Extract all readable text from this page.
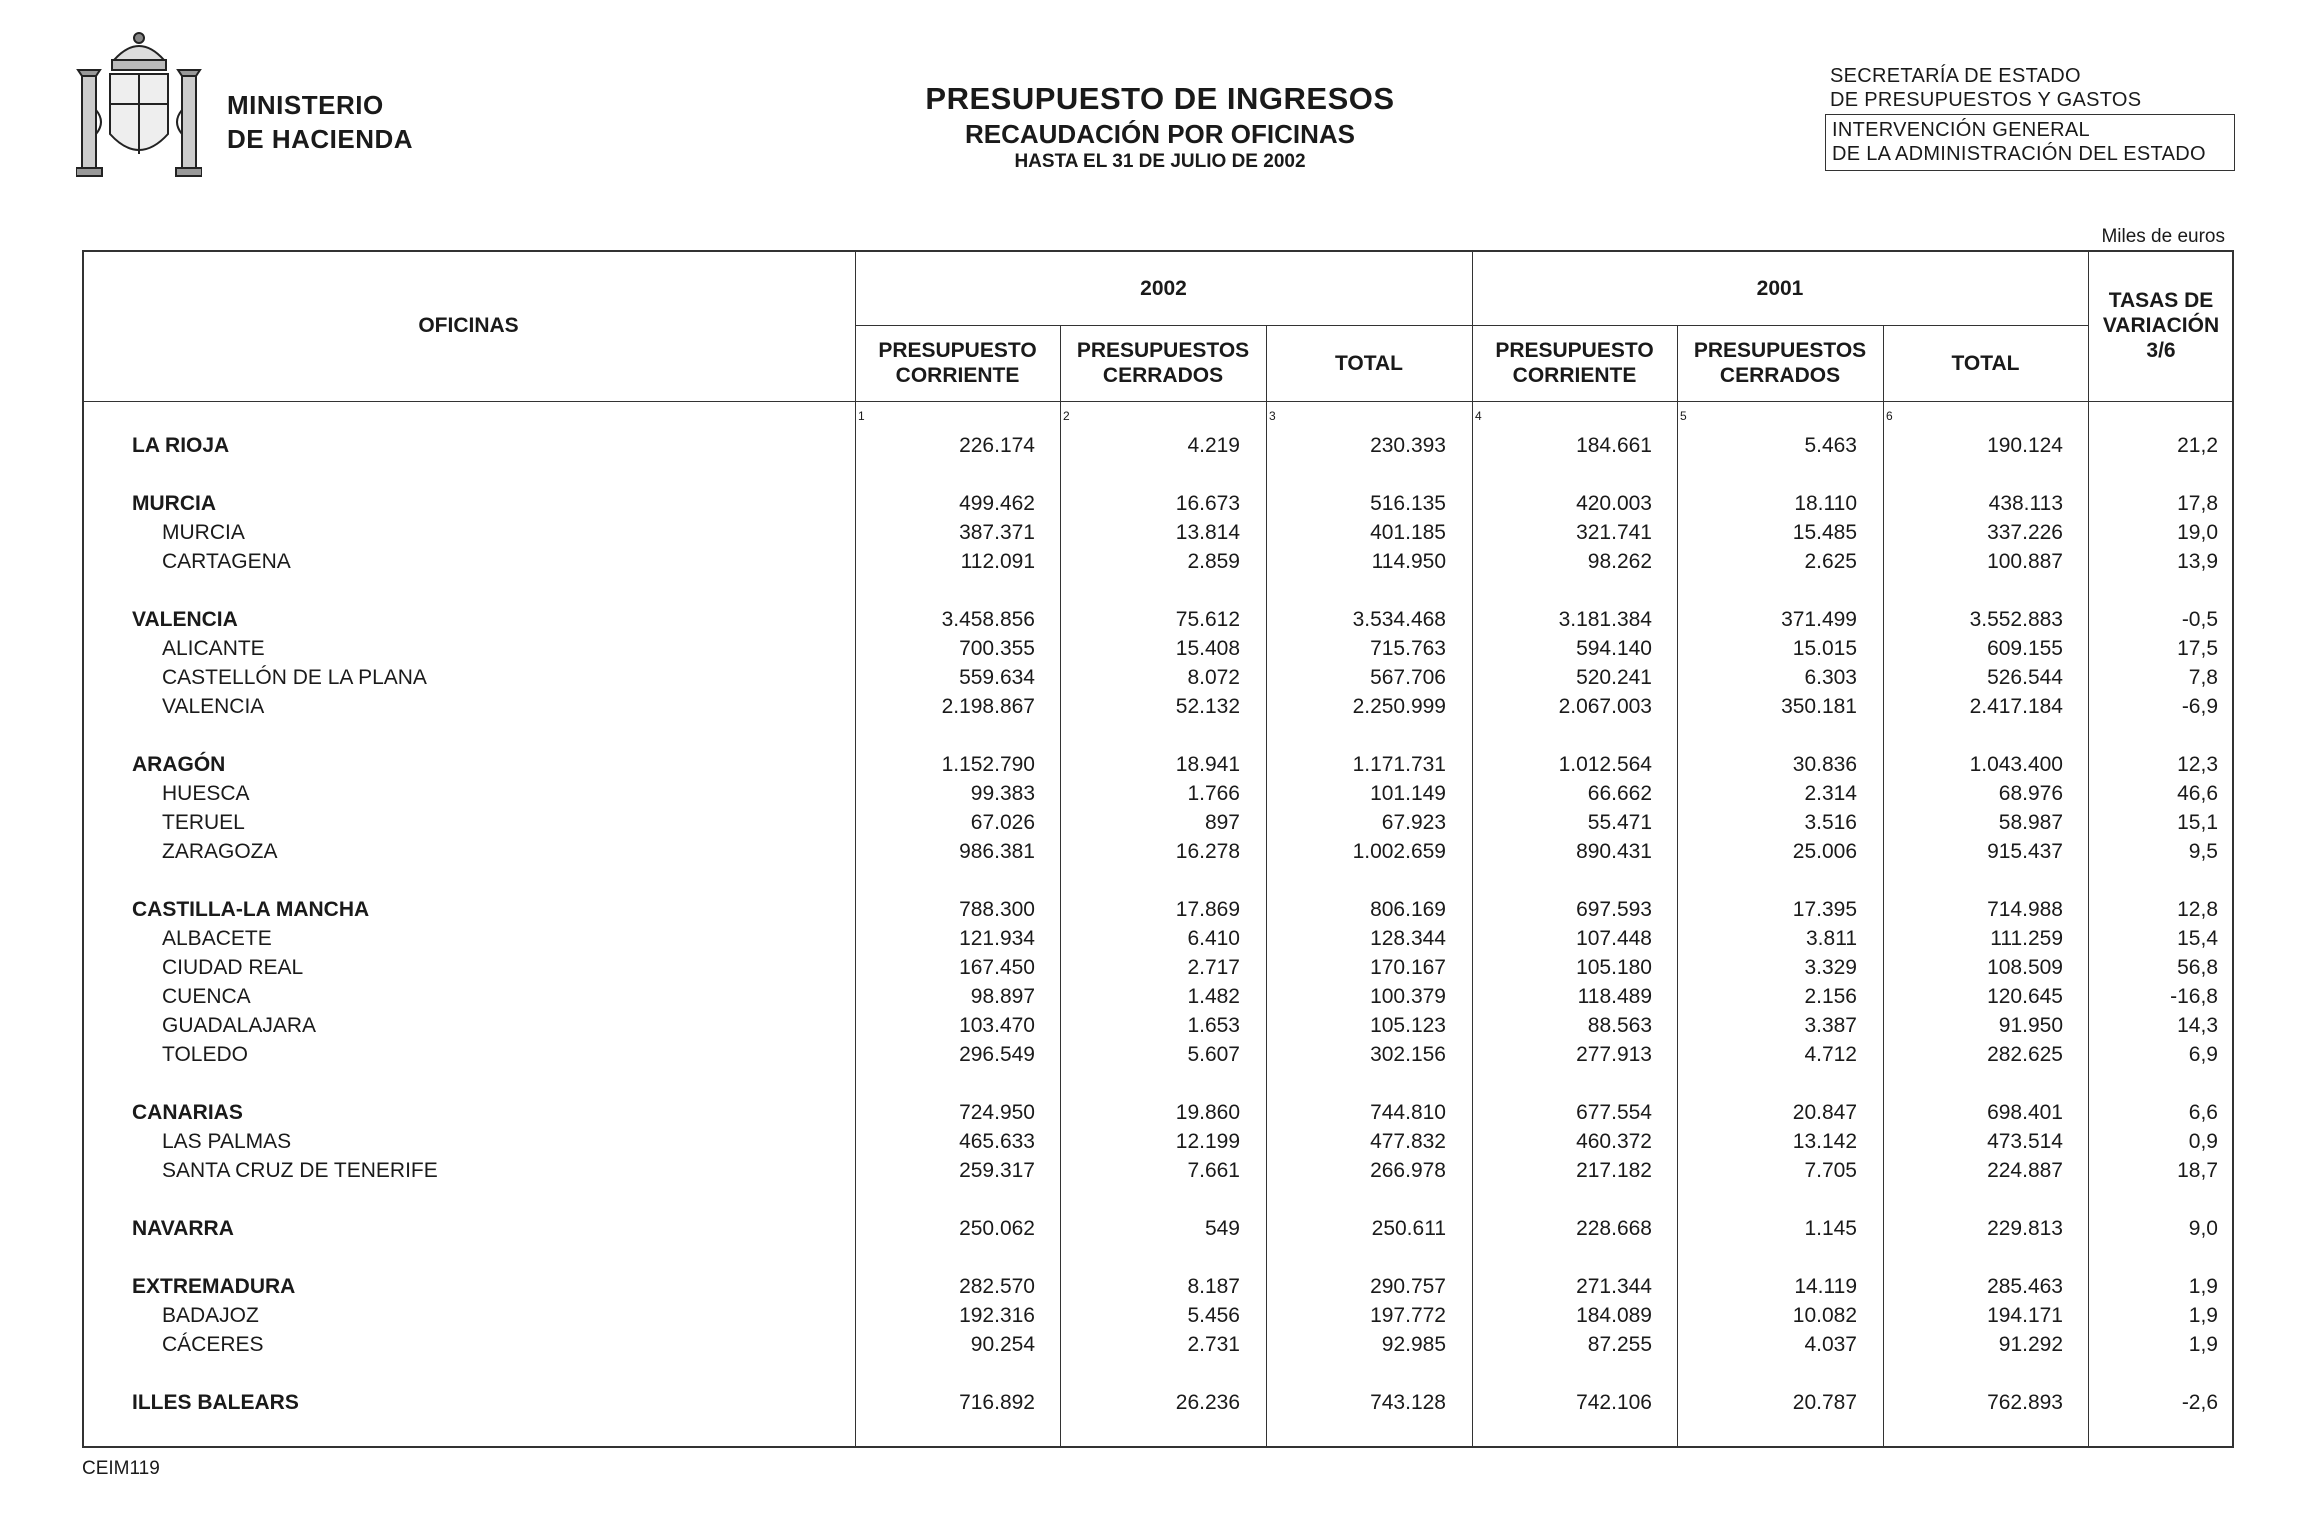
MINISTERIO
DE HACIENDA
PRESUPUESTO DE INGRESOS
RECAUDACIÓN POR OFICINAS
HASTA EL 31 DE JULIO DE 2002
SECRETARÍA DE ESTADO
DE PRESUPUESTOS Y GASTOS
INTERVENCIÓN GENERAL
DE LA ADMINISTRACIÓN DEL ESTADO
Miles de euros
OFICINAS
2002	2001
TASAS DE
VARIACIÓN
3/6
PRESUPUESTO
CORRIENTE
PRESUPUESTOS
CERRADOS
TOTAL
PRESUPUESTO
CORRIENTE
PRESUPUESTOS
CERRADOS
TOTAL
1	2	3	4	5	6
LA RIOJA	226.174	4.219	230.393	184.661	5.463	190.124	21,2
MURCIA	499.462	16.673	516.135	420.003	18.110	438.113	17,8
MURCIA	387.371	13.814	401.185	321.741	15.485	337.226	19,0
CARTAGENA	112.091	2.859	114.950	98.262	2.625	100.887	13,9
VALENCIA	3.458.856	75.612	3.534.468	3.181.384	371.499	3.552.883	-0,5
ALICANTE	700.355	15.408	715.763	594.140	15.015	609.155	17,5
CASTELLÓN DE LA PLANA	559.634	8.072	567.706	520.241	6.303	526.544	7,8
VALENCIA	2.198.867	52.132	2.250.999	2.067.003	350.181	2.417.184	-6,9
ARAGÓN	1.152.790	18.941	1.171.731	1.012.564	30.836	1.043.400	12,3
HUESCA	99.383	1.766	101.149	66.662	2.314	68.976	46,6
TERUEL	67.026	897	67.923	55.471	3.516	58.987	15,1
ZARAGOZA	986.381	16.278	1.002.659	890.431	25.006	915.437	9,5
CASTILLA-LA MANCHA	788.300	17.869	806.169	697.593	17.395	714.988	12,8
ALBACETE	121.934	6.410	128.344	107.448	3.811	111.259	15,4
CIUDAD REAL	167.450	2.717	170.167	105.180	3.329	108.509	56,8
CUENCA	98.897	1.482	100.379	118.489	2.156	120.645	-16,8
GUADALAJARA	103.470	1.653	105.123	88.563	3.387	91.950	14,3
TOLEDO	296.549	5.607	302.156	277.913	4.712	282.625	6,9
CANARIAS	724.950	19.860	744.810	677.554	20.847	698.401	6,6
LAS PALMAS	465.633	12.199	477.832	460.372	13.142	473.514	0,9
SANTA CRUZ DE TENERIFE	259.317	7.661	266.978	217.182	7.705	224.887	18,7
NAVARRA	250.062	549	250.611	228.668	1.145	229.813	9,0
EXTREMADURA	282.570	8.187	290.757	271.344	14.119	285.463	1,9
BADAJOZ	192.316	5.456	197.772	184.089	10.082	194.171	1,9
CÁCERES	90.254	2.731	92.985	87.255	4.037	91.292	1,9
ILLES BALEARS	716.892	26.236	743.128	742.106	20.787	762.893	-2,6
CEIM119
